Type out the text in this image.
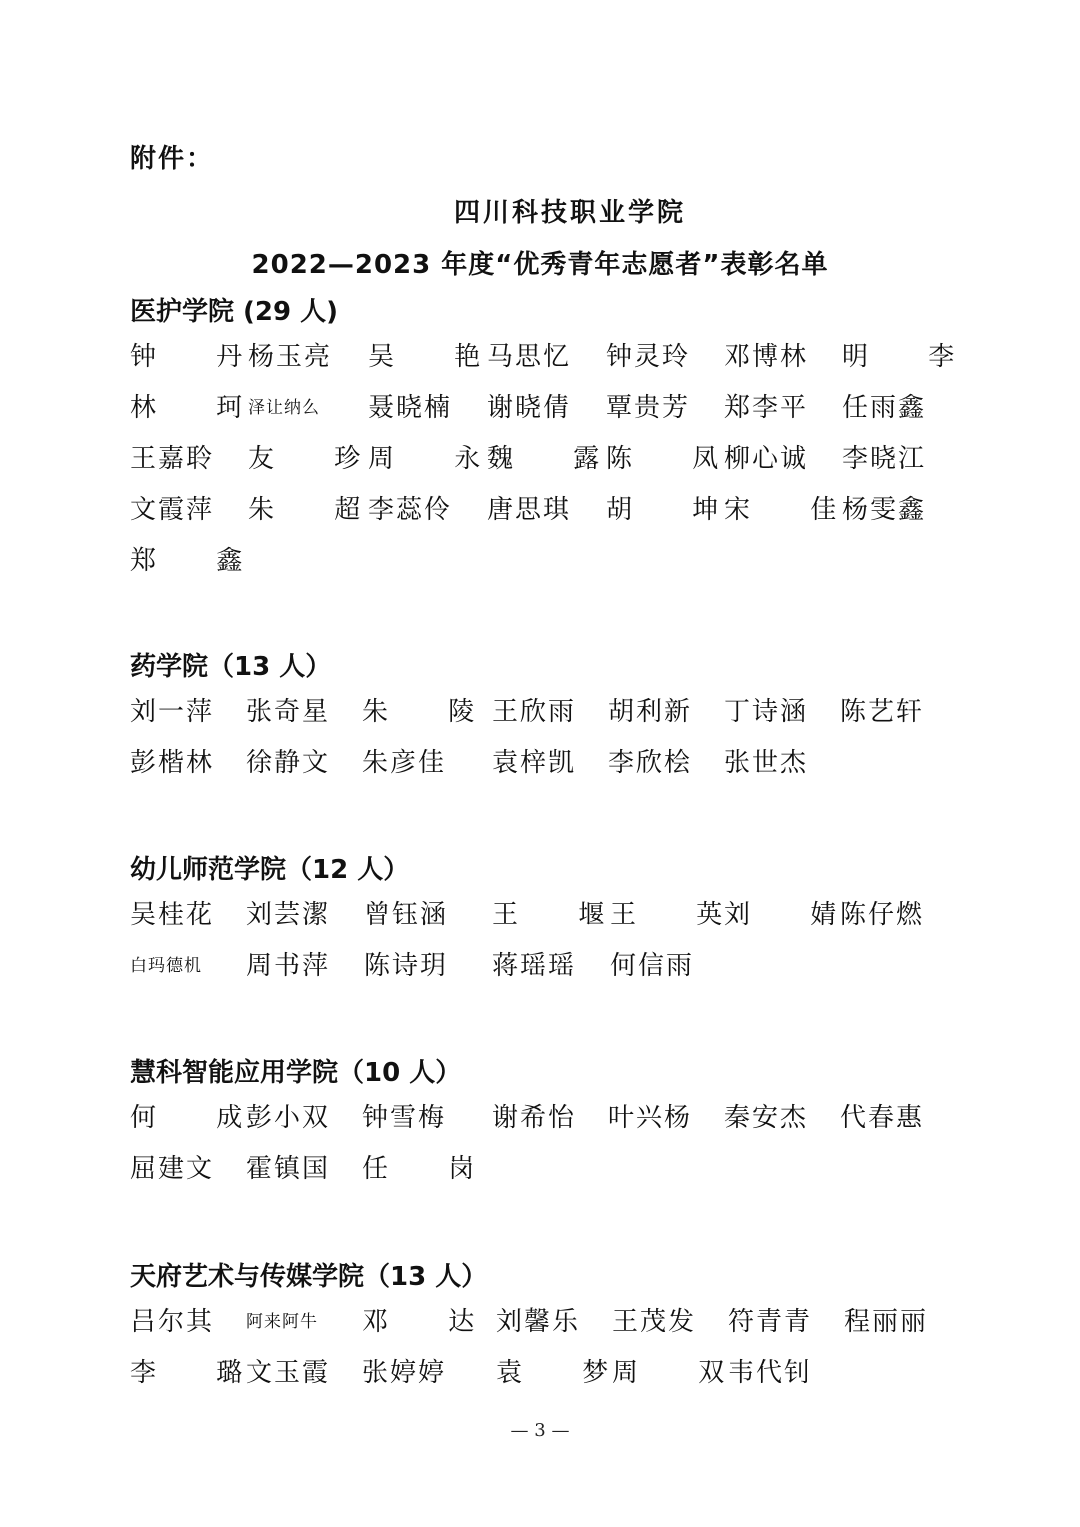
附件：
四川科技职业学院
2022—2023 年度“优秀青年志愿者”表彰名单
医护学院 (29 人)
钟 丹
杨玉亮 吴 艳
马思忆 钟灵玲 邓博林 明 李
林 珂
泽让纳么 聂晓楠 谢晓倩 覃贵芳 郑李平 任雨鑫
王嘉聆 友 珍
周 永
魏 露
陈 凤
柳心诚 李晓江
文霞萍 朱 超
李蕊伶 唐思琪 胡 坤
宋 佳
杨雯鑫
郑 鑫
药学院（13 人）
刘一萍 张奇星 朱 陵
王欣雨 胡利新 丁诗涵 陈艺轩
彭楷林 徐静文 朱彦佳 袁梓凯 李欣桧 张世杰
幼儿师范学院（12 人）
吴桂花 刘芸潔 曾钰涵 王 堰
王 英
刘 婧
陈仔燃
白玛德机 周书萍 陈诗玥 蒋瑶瑶 何信雨
慧科智能应用学院（10 人）
何 成
彭小双 钟雪梅 谢希怡 叶兴杨 秦安杰 代春惠
屈建文 霍镇国 任 岗
天府艺术与传媒学院（13 人）
吕尔其 阿来阿牛 邓 达
刘馨乐 王茂发 符青青 程丽丽
李 璐
文玉霞 张婷婷 袁 梦
周 双
韦代钊
— 3 —
